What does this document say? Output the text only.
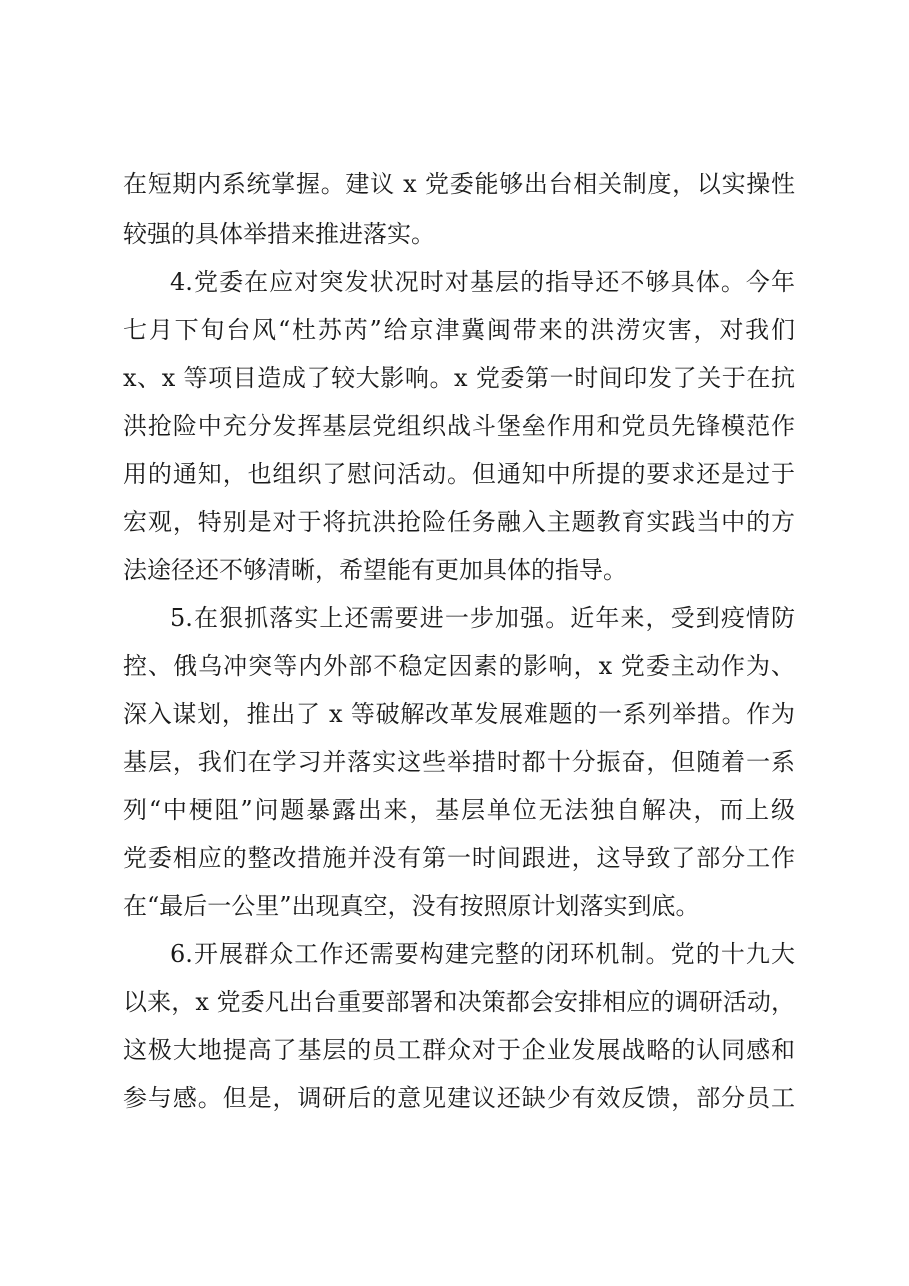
在短期内系统掌握。建议 x 党委能够出台相关制度，以实操性
较强的具体举措来推进落实。
4.党委在应对突发状况时对基层的指导还不够具体。今年
七月下旬台风“杜苏芮”给京津冀闽带来的洪涝灾害，对我们
x、x 等项目造成了较大影响。x 党委第一时间印发了关于在抗
洪抢险中充分发挥基层党组织战斗堡垒作用和党员先锋模范作
用的通知，也组织了慰问活动。但通知中所提的要求还是过于
宏观，特别是对于将抗洪抢险任务融入主题教育实践当中的方
法途径还不够清晰，希望能有更加具体的指导。
5.在狠抓落实上还需要进一步加强。近年来，受到疫情防
控、俄乌冲突等内外部不稳定因素的影响，x 党委主动作为、
深入谋划，推出了 x 等破解改革发展难题的一系列举措。作为
基层，我们在学习并落实这些举措时都十分振奋，但随着一系
列“中梗阻”问题暴露出来，基层单位无法独自解决，而上级
党委相应的整改措施并没有第一时间跟进，这导致了部分工作
在“最后一公里”出现真空，没有按照原计划落实到底。
6.开展群众工作还需要构建完整的闭环机制。党的十九大
以来，x 党委凡出台重要部署和决策都会安排相应的调研活动，
这极大地提高了基层的员工群众对于企业发展战略的认同感和
参与感。但是，调研后的意见建议还缺少有效反馈，部分员工
